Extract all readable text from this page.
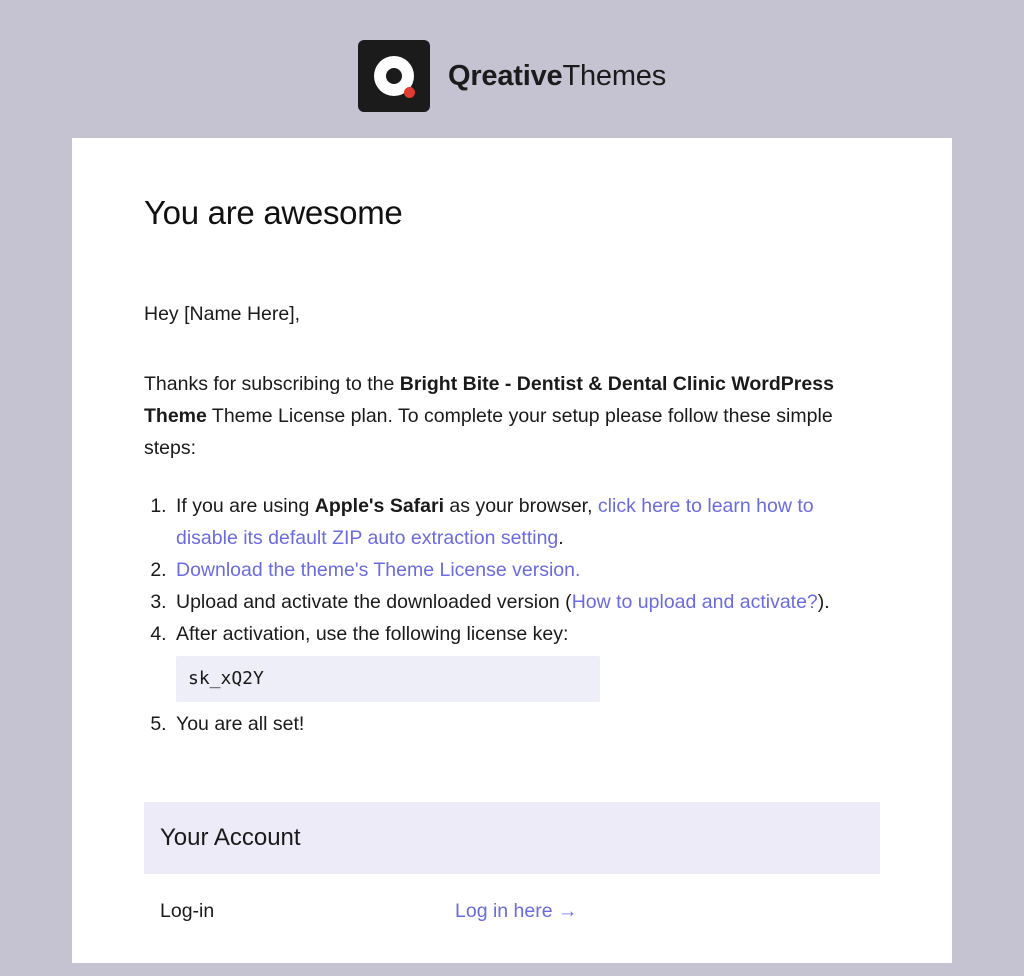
QreativeThemes
You are awesome

Hey [Name Here],

Thanks for subscribing to the Bright Bite - Dentist & Dental Clinic WordPress Theme Theme License plan. To complete your setup please follow these simple steps:

1. If you are using Apple's Safari as your browser, click here to learn how to disable its default ZIP auto extraction setting.
2. Download the theme's Theme License version.
3. Upload and activate the downloaded version (How to upload and activate?).
4. After activation, use the following license key:
sk_xQ2Y
5. You are all set!
Your Account
Log-in	Log in here →
